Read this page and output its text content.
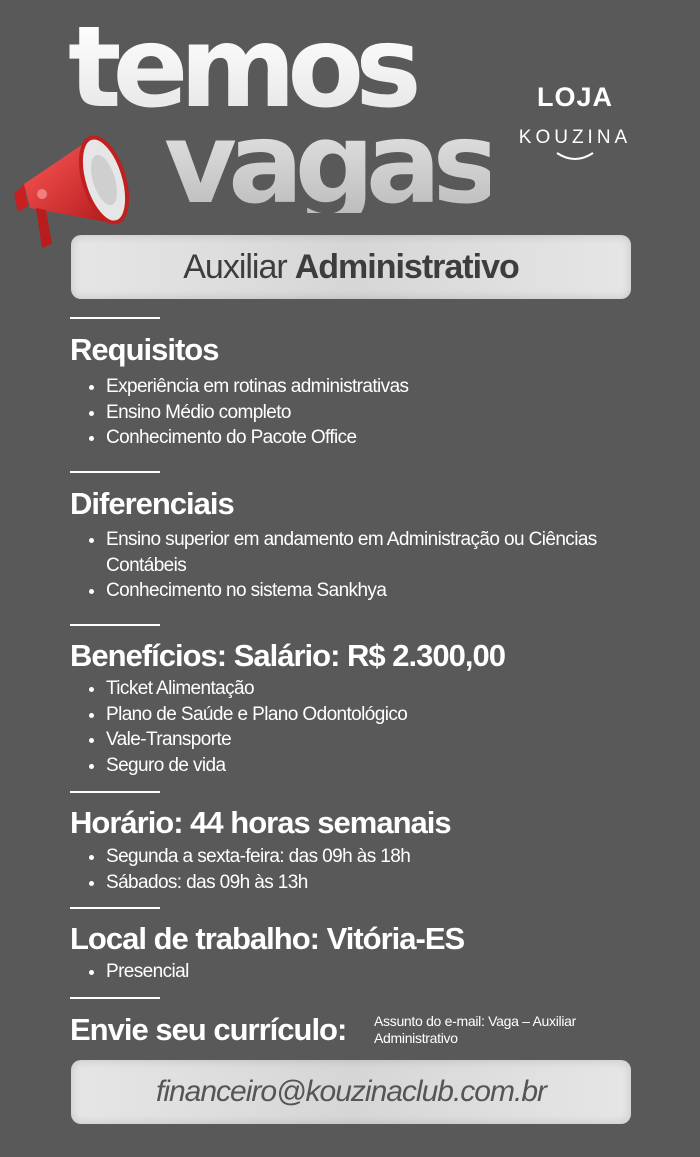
temos
vagas
LOJA
KOUZINA
Auxiliar Administrativo
Requisitos
• Experiência em rotinas administrativas
• Ensino Médio completo
• Conhecimento do Pacote Office
Diferenciais
• Ensino superior em andamento em Administração ou Ciências Contábeis
• Conhecimento no sistema Sankhya
Benefícios: Salário: R$ 2.300,00
• Ticket Alimentação
• Plano de Saúde e Plano Odontológico
• Vale-Transporte
• Seguro de vida
Horário: 44 horas semanais
• Segunda a sexta-feira: das 09h às 18h
• Sábados: das 09h às 13h
Local de trabalho: Vitória-ES
• Presencial
Envie seu currículo: Assunto do e-mail: Vaga – Auxiliar Administrativo
financeiro@kouzinaclub.com.br
